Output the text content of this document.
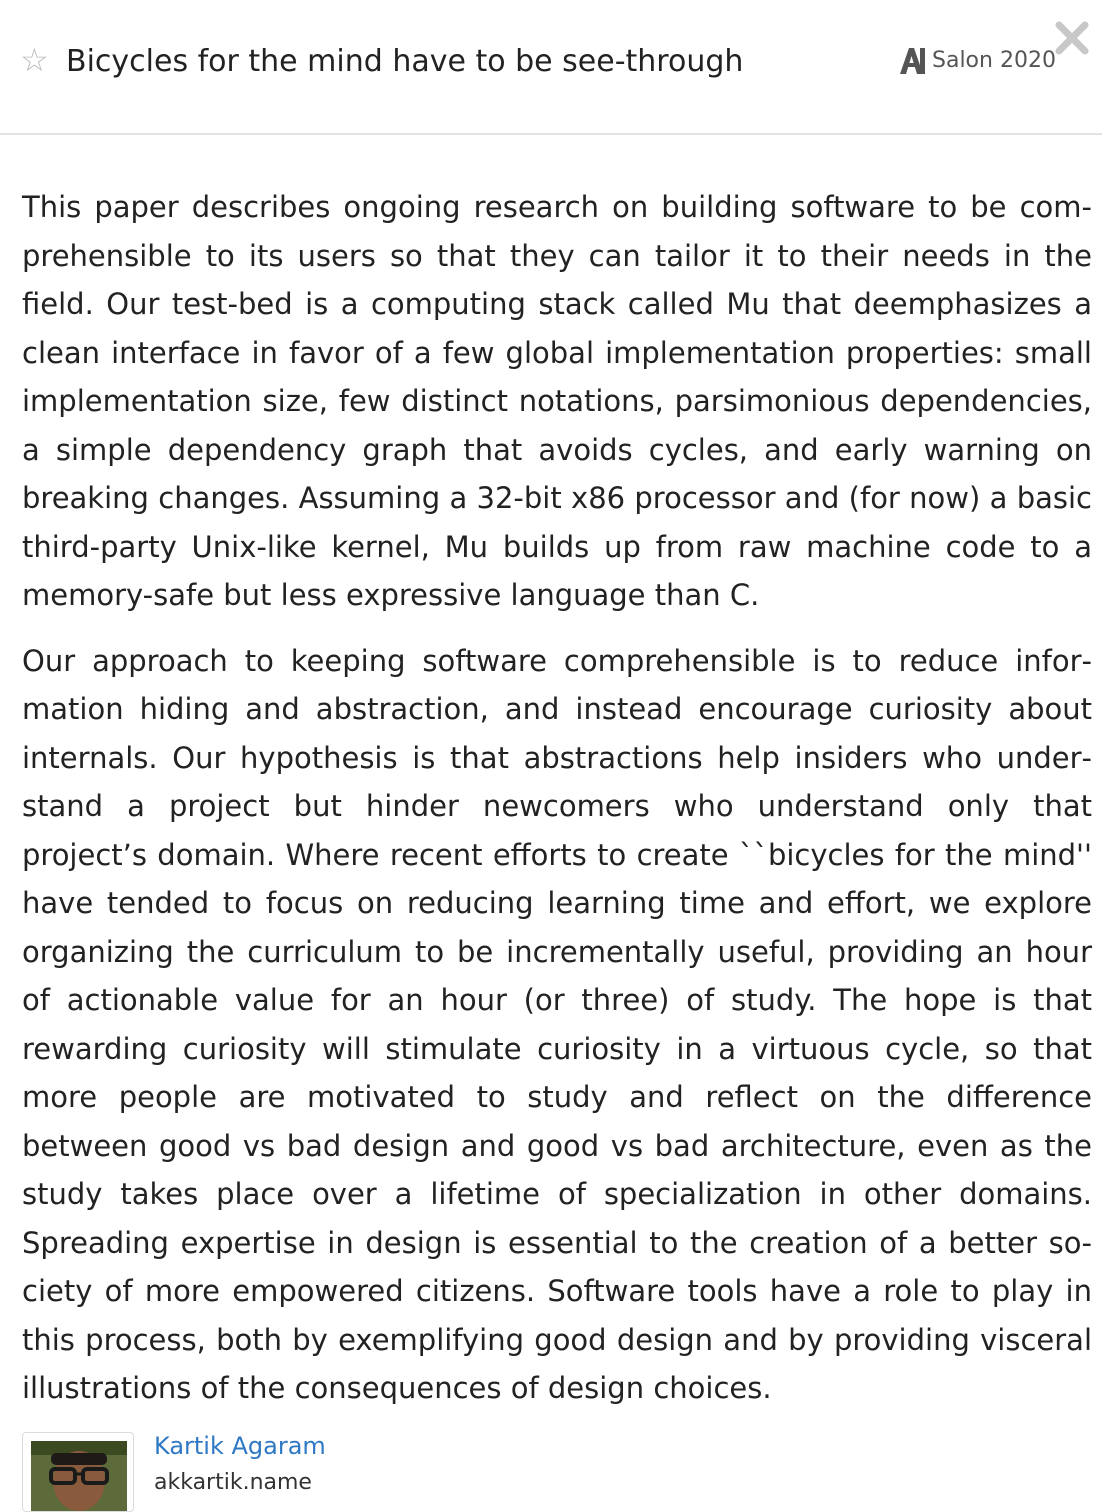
☆ Bicycles for the mind have to be see-through	Salon 2020

This paper describes ongoing research on building software to be comprehensible to its users so that they can tailor it to their needs in the field. Our test-bed is a computing stack called Mu that deemphasizes a clean interface in favor of a few global implementation properties: small implementation size, few distinct notations, parsimonious dependencies, a simple dependency graph that avoids cycles, and early warning on breaking changes. Assuming a 32-bit x86 processor and (for now) a basic third-party Unix-like kernel, Mu builds up from raw machine code to a memory-safe but less expressive language than C.

Our approach to keeping software comprehensible is to reduce information hiding and abstraction, and instead encourage curiosity about internals. Our hypothesis is that abstractions help insiders who understand a project but hinder newcomers who understand only that project’s domain. Where recent efforts to create ``bicycles for the mind'' have tended to focus on reducing learning time and effort, we explore organizing the curriculum to be incrementally useful, providing an hour of actionable value for an hour (or three) of study. The hope is that rewarding curiosity will stimulate curiosity in a virtuous cycle, so that more people are motivated to study and reflect on the difference between good vs bad design and good vs bad architecture, even as the study takes place over a lifetime of specialization in other domains. Spreading expertise in design is essential to the creation of a better society of more empowered citizens. Software tools have a role to play in this process, both by exemplifying good design and by providing visceral illustrations of the consequences of design choices.

Kartik Agaram
akkartik.name
